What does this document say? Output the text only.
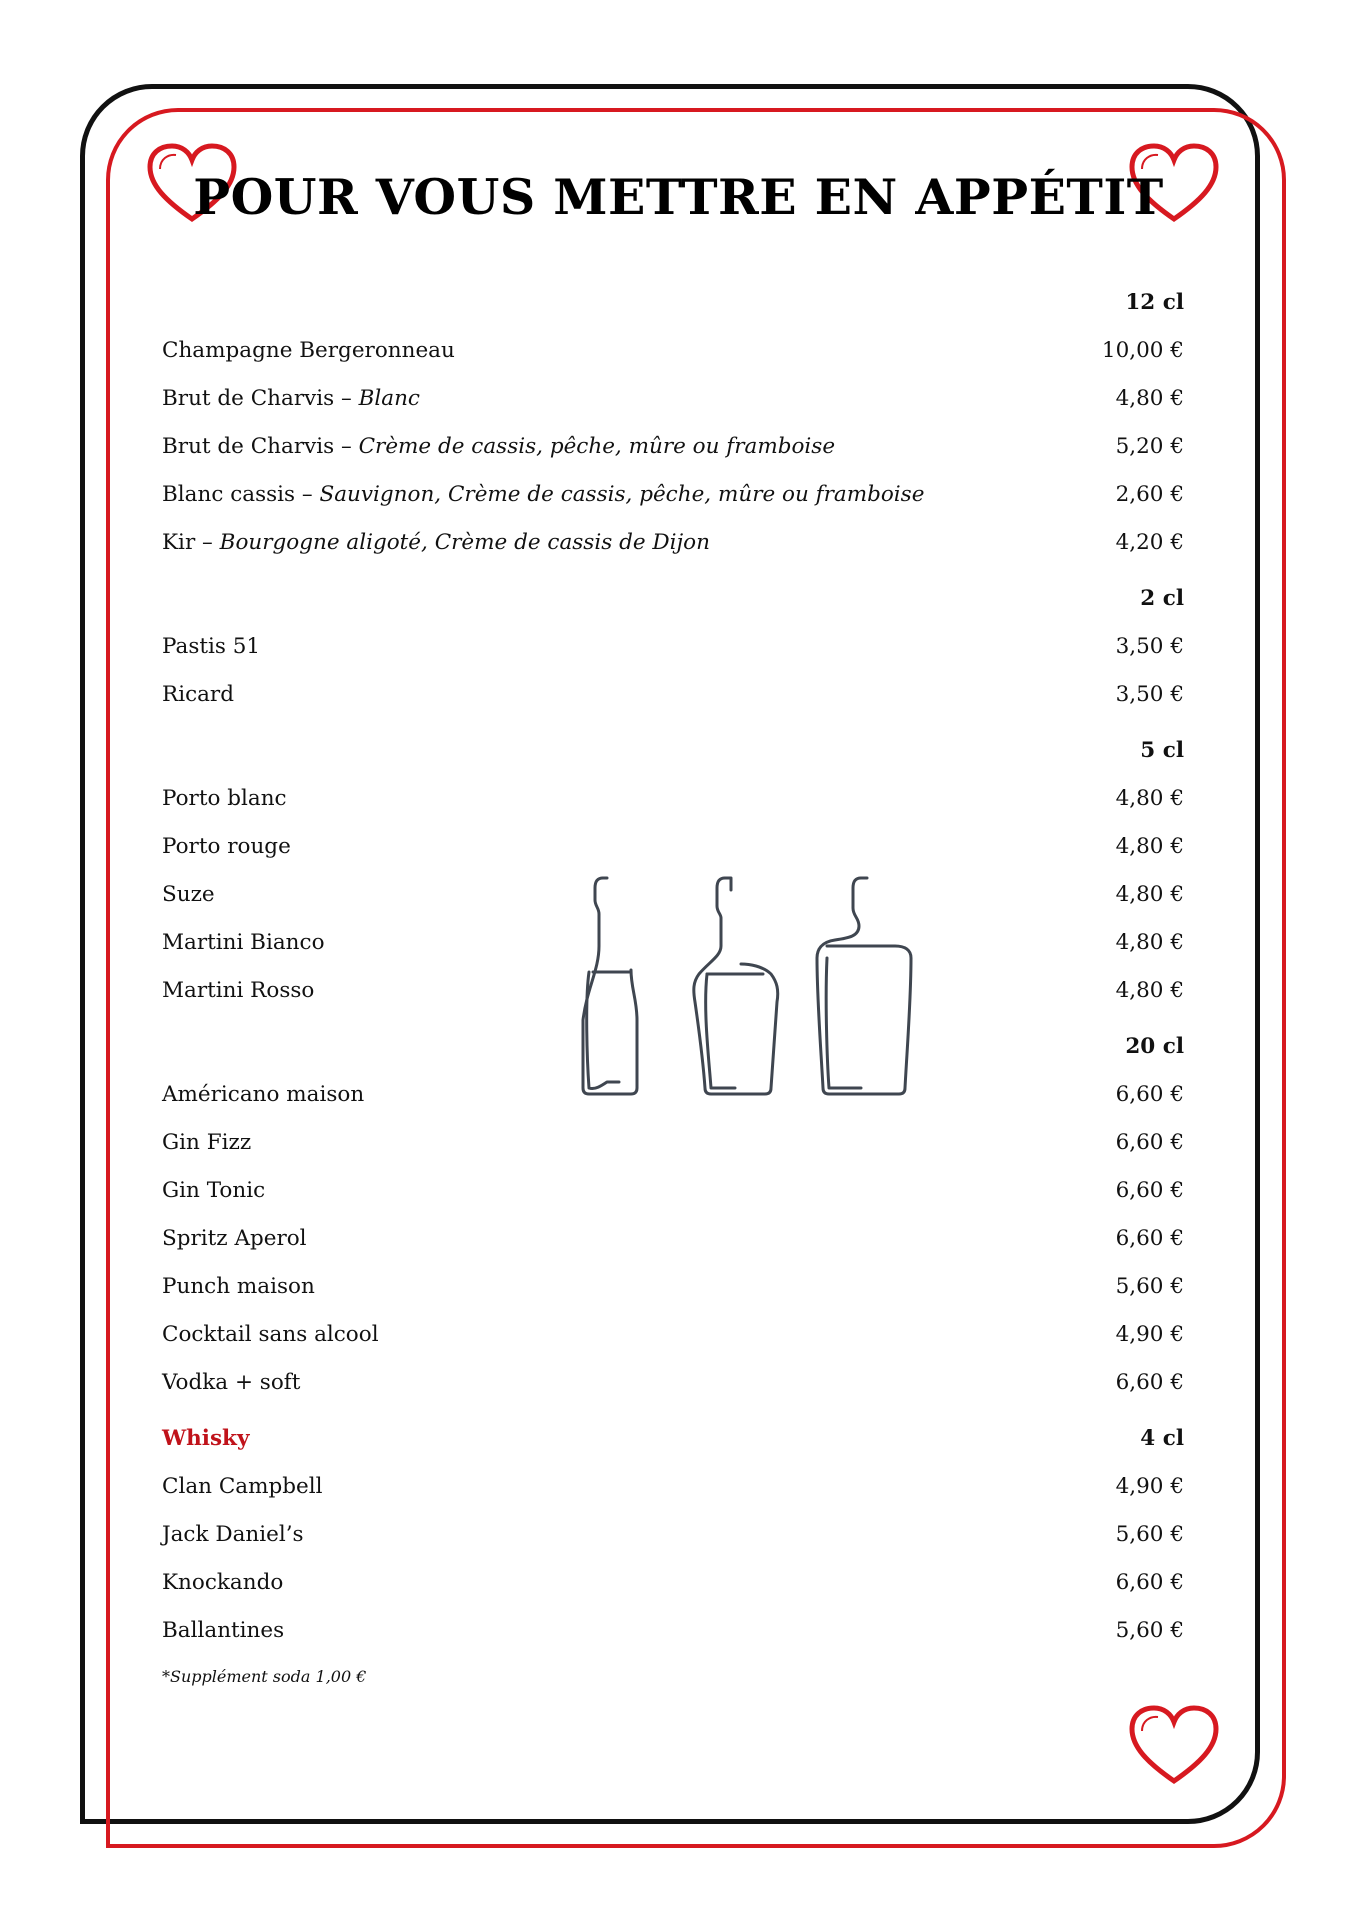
POUR VOUS METTRE EN APPÉTIT
12 cl
Champagne Bergeronneau	10,00 €
Brut de Charvis – Blanc	4,80 €
Brut de Charvis – Crème de cassis, pêche, mûre ou framboise	5,20 €
Blanc cassis – Sauvignon, Crème de cassis, pêche, mûre ou framboise	2,60 €
Kir – Bourgogne aligoté, Crème de cassis de Dijon	4,20 €
2 cl
Pastis 51	3,50 €
Ricard	3,50 €
5 cl
Porto blanc	4,80 €
Porto rouge	4,80 €
Suze	4,80 €
Martini Bianco	4,80 €
Martini Rosso	4,80 €
20 cl
Américano maison	6,60 €
Gin Fizz	6,60 €
Gin Tonic	6,60 €
Spritz Aperol	6,60 €
Punch maison	5,60 €
Cocktail sans alcool	4,90 €
Vodka + soft	6,60 €
Whisky	4 cl
Clan Campbell	4,90 €
Jack Daniel’s	5,60 €
Knockando	6,60 €
Ballantines	5,60 €
*Supplément soda 1,00 €
